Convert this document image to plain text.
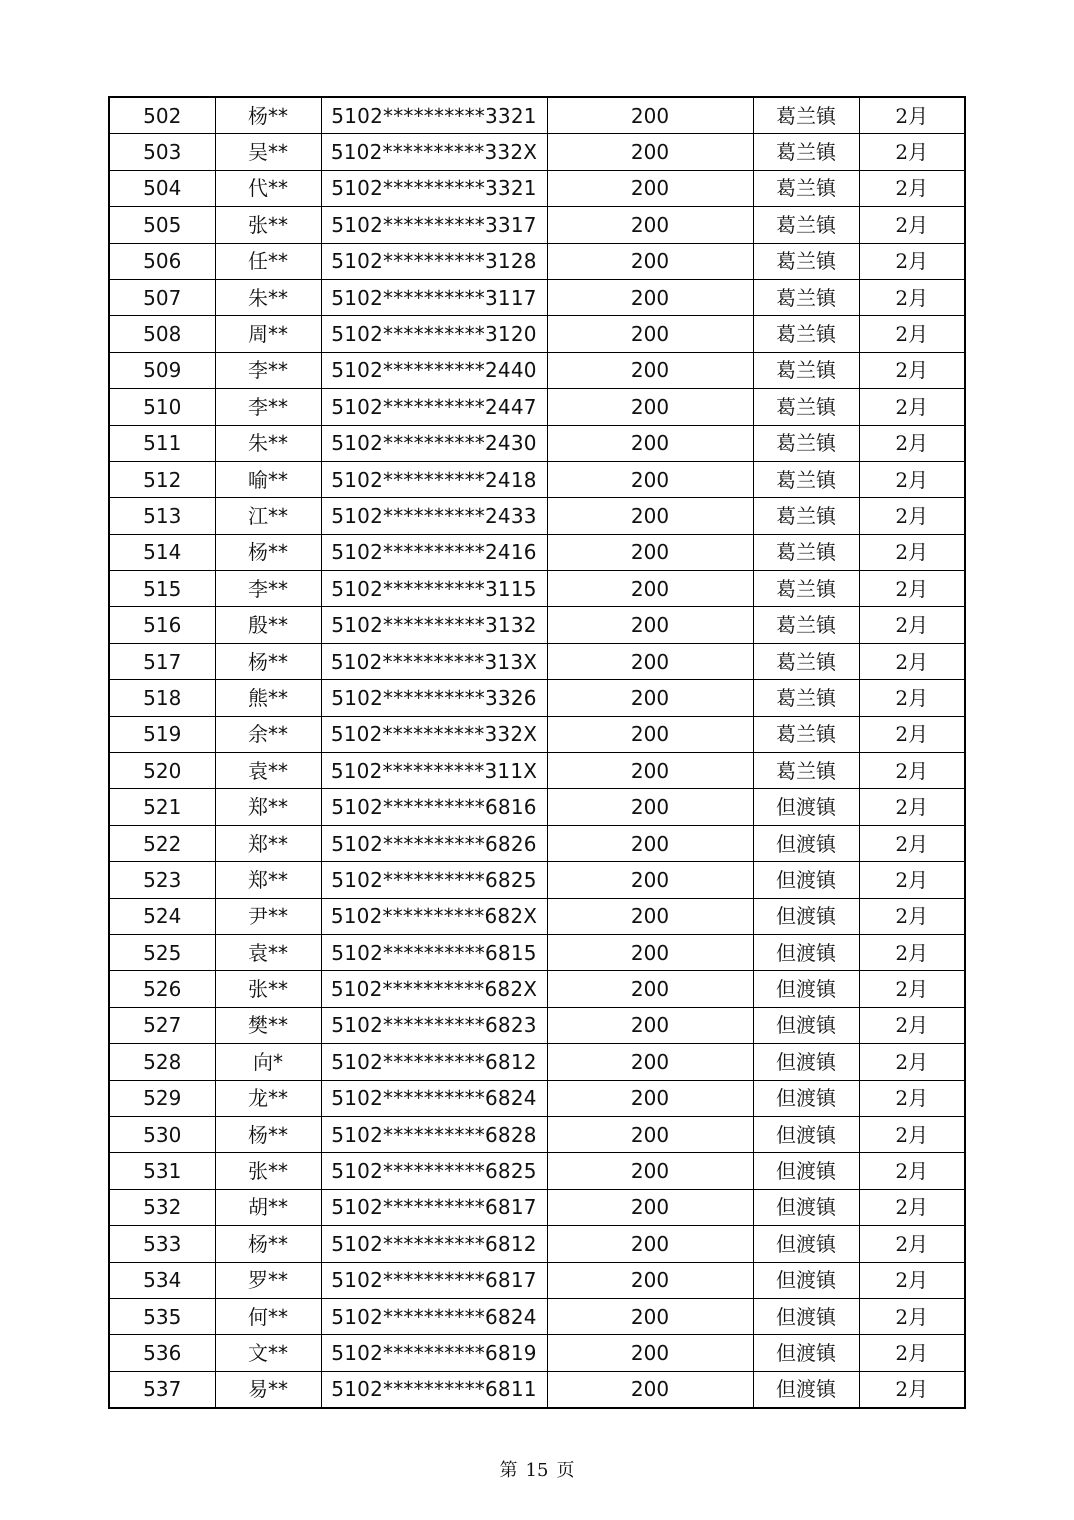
502	杨**	5102**********3321	200	葛兰镇	2月
503	吴**	5102**********332X	200	葛兰镇	2月
504	代**	5102**********3321	200	葛兰镇	2月
505	张**	5102**********3317	200	葛兰镇	2月
506	任**	5102**********3128	200	葛兰镇	2月
507	朱**	5102**********3117	200	葛兰镇	2月
508	周**	5102**********3120	200	葛兰镇	2月
509	李**	5102**********2440	200	葛兰镇	2月
510	李**	5102**********2447	200	葛兰镇	2月
511	朱**	5102**********2430	200	葛兰镇	2月
512	喻**	5102**********2418	200	葛兰镇	2月
513	江**	5102**********2433	200	葛兰镇	2月
514	杨**	5102**********2416	200	葛兰镇	2月
515	李**	5102**********3115	200	葛兰镇	2月
516	殷**	5102**********3132	200	葛兰镇	2月
517	杨**	5102**********313X	200	葛兰镇	2月
518	熊**	5102**********3326	200	葛兰镇	2月
519	余**	5102**********332X	200	葛兰镇	2月
520	袁**	5102**********311X	200	葛兰镇	2月
521	郑**	5102**********6816	200	但渡镇	2月
522	郑**	5102**********6826	200	但渡镇	2月
523	郑**	5102**********6825	200	但渡镇	2月
524	尹**	5102**********682X	200	但渡镇	2月
525	袁**	5102**********6815	200	但渡镇	2月
526	张**	5102**********682X	200	但渡镇	2月
527	樊**	5102**********6823	200	但渡镇	2月
528	向*	5102**********6812	200	但渡镇	2月
529	龙**	5102**********6824	200	但渡镇	2月
530	杨**	5102**********6828	200	但渡镇	2月
531	张**	5102**********6825	200	但渡镇	2月
532	胡**	5102**********6817	200	但渡镇	2月
533	杨**	5102**********6812	200	但渡镇	2月
534	罗**	5102**********6817	200	但渡镇	2月
535	何**	5102**********6824	200	但渡镇	2月
536	文**	5102**********6819	200	但渡镇	2月
537	易**	5102**********6811	200	但渡镇	2月
第 15 页
